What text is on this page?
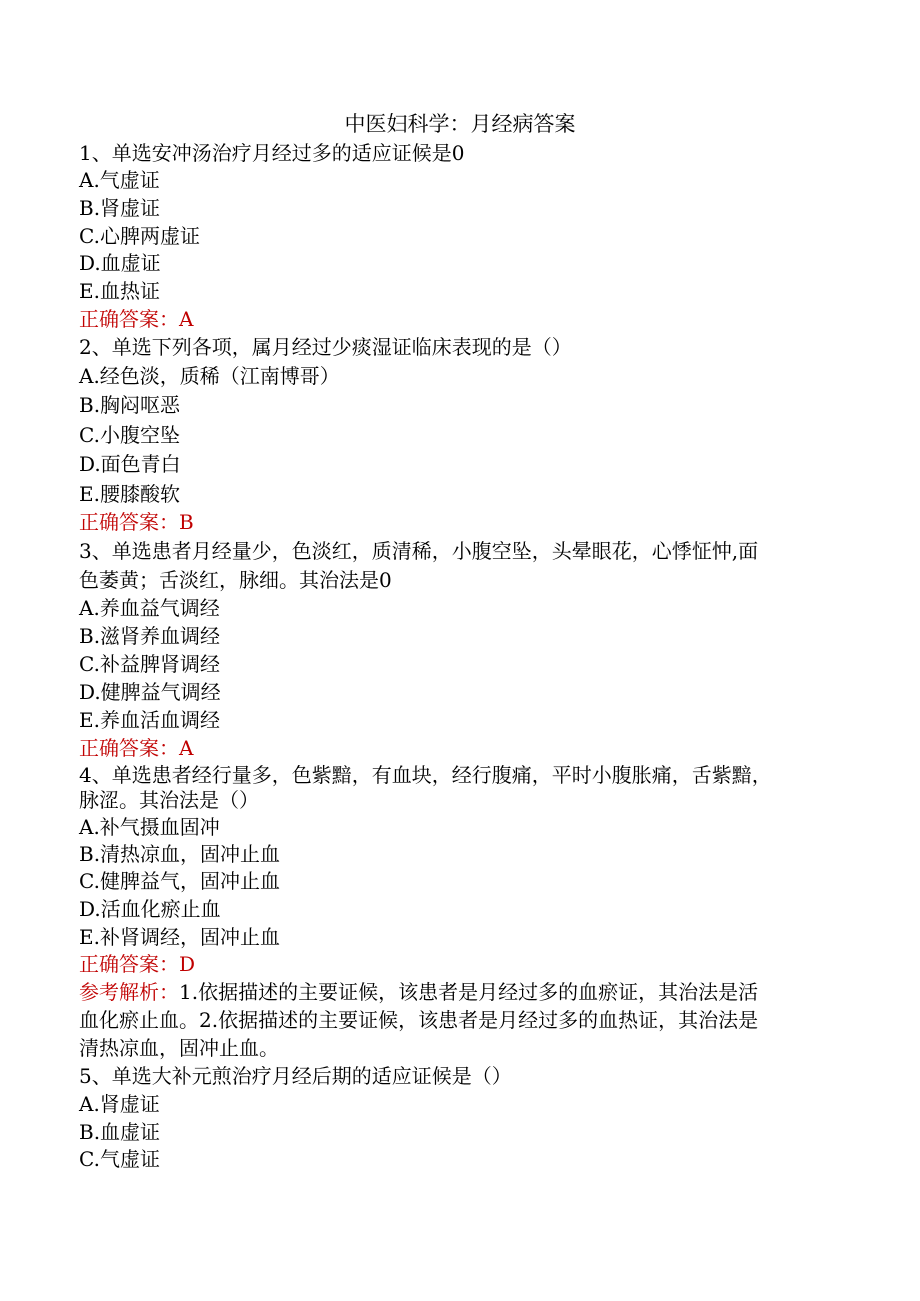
中医妇科学：月经病答案
1、单选安冲汤治疗月经过多的适应证候是0
A.气虚证
B.肾虚证
C.心脾两虚证
D.血虚证
E.血热证
正确答案：A
2、单选下列各项，属月经过少痰湿证临床表现的是（）
A.经色淡，质稀（江南博哥）
B.胸闷呕恶
C.小腹空坠
D.面色青白
E.腰膝酸软
正确答案：B
3、单选患者月经量少，色淡红，质清稀，小腹空坠，头晕眼花，心悸怔忡,面
色萎黄；舌淡红，脉细。其治法是0
A.养血益气调经
B.滋肾养血调经
C.补益脾肾调经
D.健脾益气调经
E.养血活血调经
正确答案：A
4、单选患者经行量多，色紫黯，有血块，经行腹痛，平时小腹胀痛，舌紫黯，
脉涩。其治法是（）
A.补气摄血固冲
B.清热凉血，固冲止血
C.健脾益气，固冲止血
D.活血化瘀止血
E.补肾调经，固冲止血
正确答案：D
参考解析：1.依据描述的主要证候，该患者是月经过多的血瘀证，其治法是活
血化瘀止血。2.依据描述的主要证候，该患者是月经过多的血热证，其治法是
清热凉血，固冲止血。
5、单选大补元煎治疗月经后期的适应证候是（）
A.肾虚证
B.血虚证
C.气虚证
